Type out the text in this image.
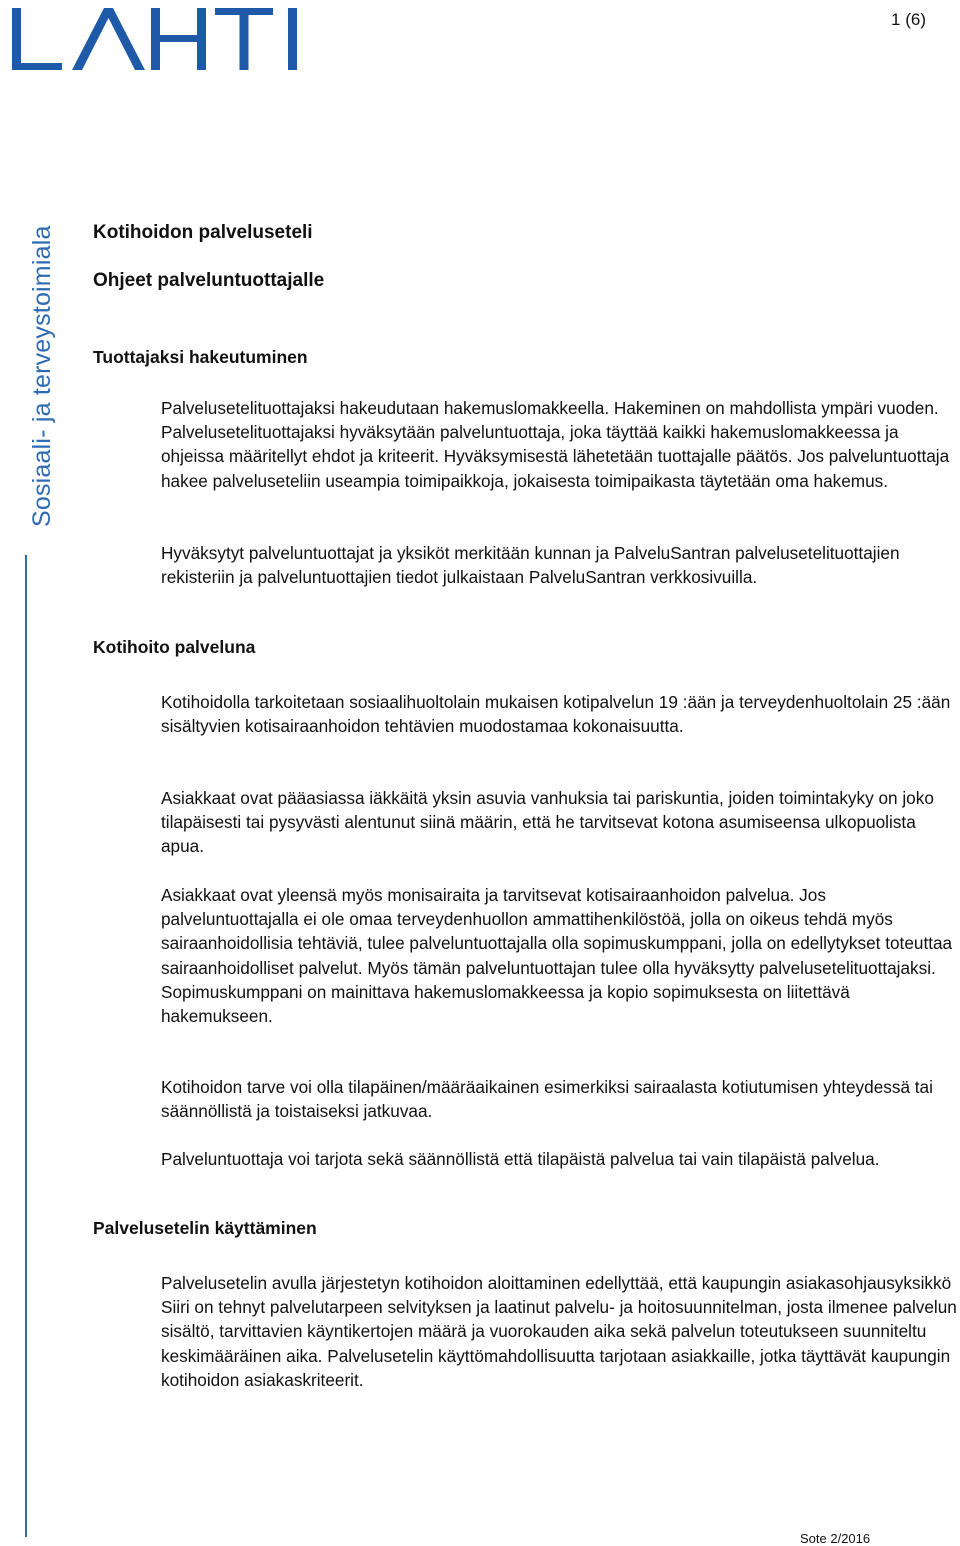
1 (6)
Sosiaali- ja terveystoimiala Kotihoidon palveluseteli
Ohjeet palveluntuottajalle
Tuottajaksi hakeutuminen

Palvelusetelituottajaksi hakeudutaan hakemuslomakkeella. Hakeminen on mahdollista ympäri vuoden. Palvelusetelituottajaksi hyväksytään palveluntuottaja, joka täyttää kaikki hakemuslomakkeessa ja ohjeissa määritellyt ehdot ja kriteerit. Hyväksymisestä lähetetään tuottajalle päätös. Jos palveluntuottaja hakee palveluseteliin useampia toimipaikkoja, jokaisesta toimipaikasta täytetään oma hakemus.

Hyväksytyt palveluntuottajat ja yksiköt merkitään kunnan ja PalveluSantran palvelusetelituottajien rekisteriin ja palveluntuottajien tiedot julkaistaan PalveluSantran verkkosivuilla.

Kotihoito palveluna

Kotihoidolla tarkoitetaan sosiaalihuoltolain mukaisen kotipalvelun 19 :ään ja terveydenhuoltolain 25 :ään sisältyvien kotisairaanhoidon tehtävien muodostamaa kokonaisuutta.

Asiakkaat ovat pääasiassa iäkkäitä yksin asuvia vanhuksia tai pariskuntia, joiden toimintakyky on joko tilapäisesti tai pysyvästi alentunut siinä määrin, että he tarvitsevat kotona asumiseensa ulkopuolista apua.

Asiakkaat ovat yleensä myös monisairaita ja tarvitsevat kotisairaanhoidon palvelua. Jos palveluntuottajalla ei ole omaa terveydenhuollon ammattihenkilöstöä, jolla on oikeus tehdä myös sairaanhoidollisia tehtäviä, tulee palveluntuottajalla olla sopimuskumppani, jolla on edellytykset toteuttaa sairaanhoidolliset palvelut. Myös tämän palveluntuottajan tulee olla hyväksytty palvelusetelituottajaksi. Sopimuskumppani on mainittava hakemuslomakkeessa ja kopio sopimuksesta on liitettävä hakemukseen.

Kotihoidon tarve voi olla tilapäinen/määräaikainen esimerkiksi sairaalasta kotiutumisen yhteydessä tai säännöllistä ja toistaiseksi jatkuvaa.

Palveluntuottaja voi tarjota sekä säännöllistä että tilapäistä palvelua tai vain tilapäistä palvelua.

Palvelusetelin käyttäminen

Palvelusetelin avulla järjestetyn kotihoidon aloittaminen edellyttää, että kaupungin asiakasohjausyksikkö Siiri on tehnyt palvelutarpeen selvityksen ja laatinut palvelu- ja hoitosuunnitelman, josta ilmenee palvelun sisältö, tarvittavien käyntikertojen määrä ja vuorokauden aika sekä palvelun toteutukseen suunniteltu keskimääräinen aika. Palvelusetelin käyttömahdollisuutta tarjotaan asiakkaille, jotka täyttävät kaupungin kotihoidon asiakaskriteerit.

Sote 2/2016
